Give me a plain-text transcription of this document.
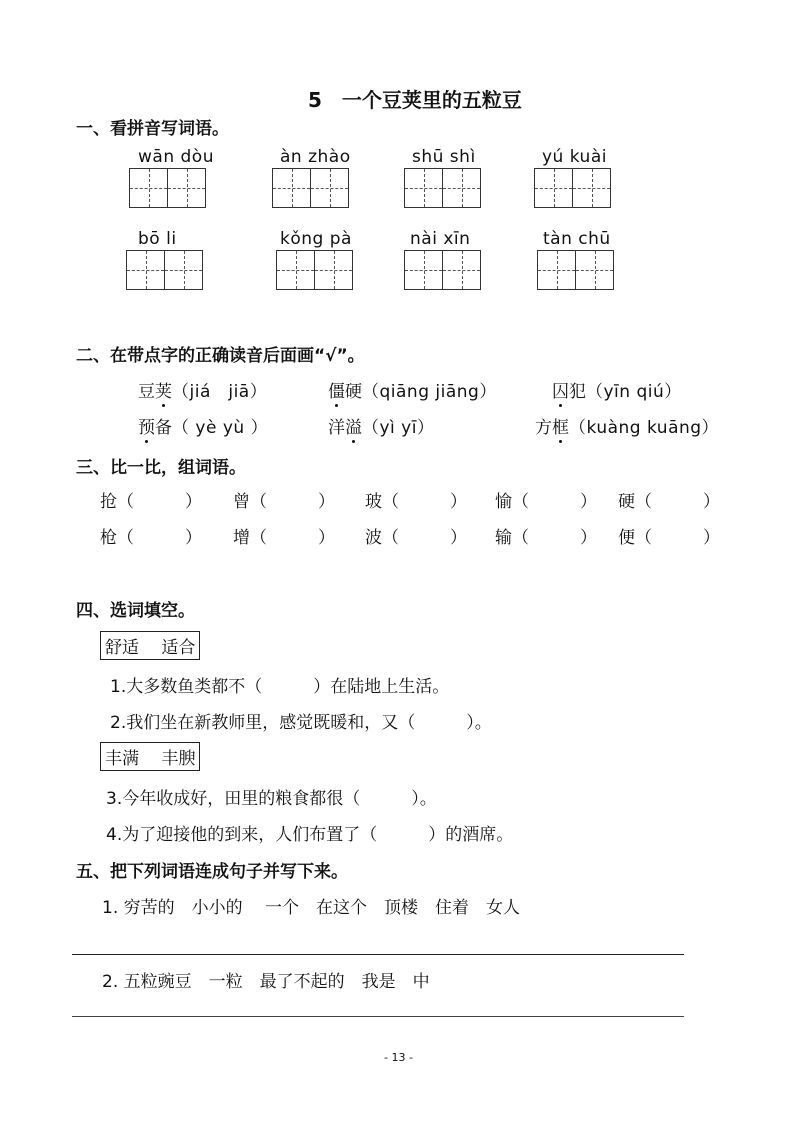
5　一个豆荚里的五粒豆
一、看拼音写词语。
wān dòu	àn zhào	shū shì	yú kuài
bō li	kǒng pà	nài xīn	tàn chū
二、在带点字的正确读音后面画“√”。
豆荚（jiá　jiā）	僵硬（qiāng jiāng）	囚犯（yīn qiú）
预备（ yè yù ）	洋溢（yì yī）	方框（kuàng kuāng）
三、比一比，组词语。
抢（　　　） 曾（　　　） 玻（　　　） 愉（　　　） 硬（　　　）
枪（　　　） 增（　　　） 波（　　　） 输（　　　） 便（　　　）
四、选词填空。
舒适　 适合
1.大多数鱼类都不（　　　）在陆地上生活。
2.我们坐在新教师里，感觉既暖和，又（　　　）。
丰满　 丰腴
3.今年收成好，田里的粮食都很（　　　）。
4.为了迎接他的到来，人们布置了（　　　）的酒席。
五、把下列词语连成句子并写下来。
1. 穷苦的　小小的　 一个　在这个　顶楼　住着　女人
2. 五粒豌豆　一粒　最了不起的　我是　中
- 13 -
